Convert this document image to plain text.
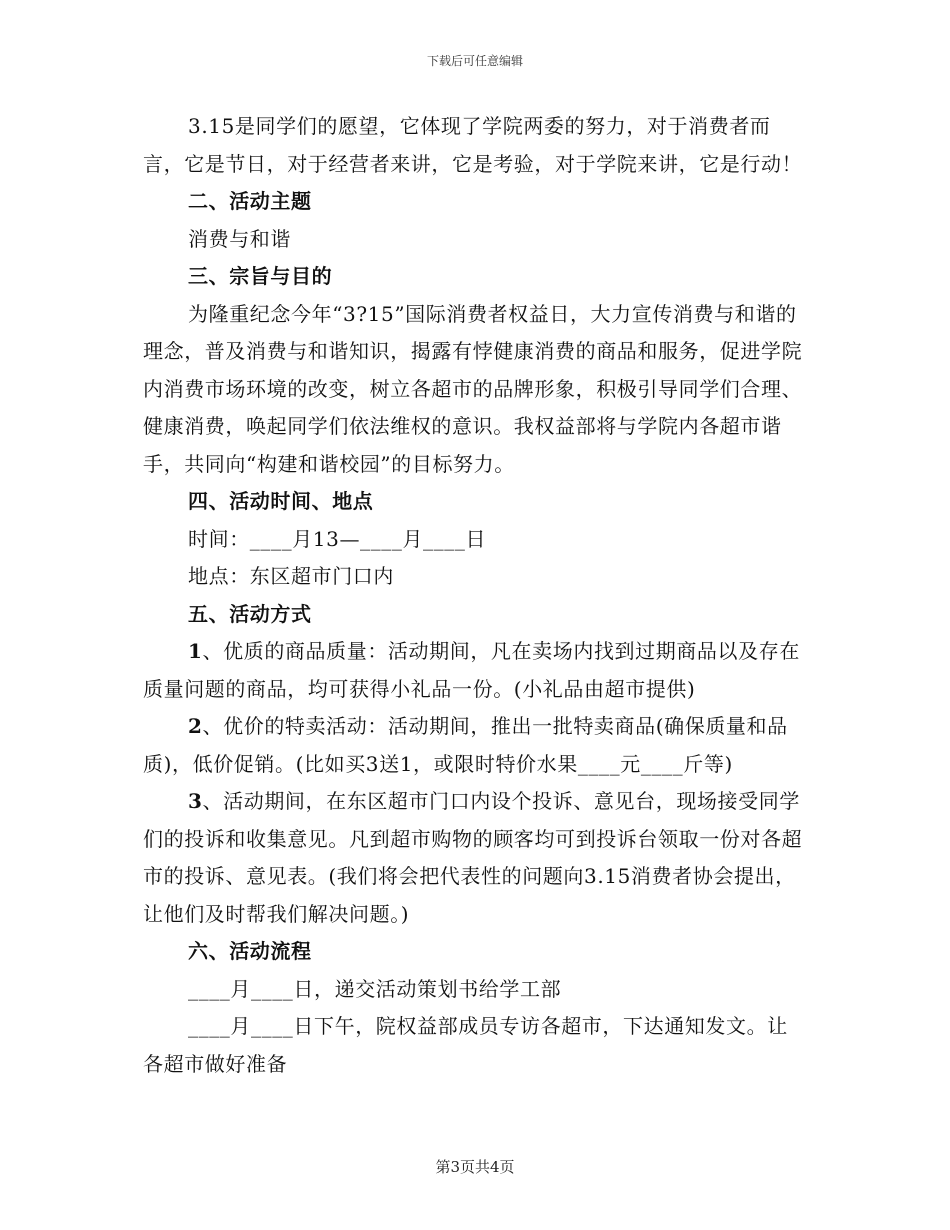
下载后可任意编辑

3.15是同学们的愿望，它体现了学院两委的努力，对于消费者而言，它是节日，对于经营者来讲，它是考验，对于学院来讲，它是行动！

二、活动主题

消费与和谐

三、宗旨与目的

为隆重纪念今年“3?15”国际消费者权益日，大力宣传消费与和谐的理念，普及消费与和谐知识，揭露有悖健康消费的商品和服务，促进学院内消费市场环境的改变，树立各超市的品牌形象，积极引导同学们合理、健康消费，唤起同学们依法维权的意识。我权益部将与学院内各超市谐手，共同向“构建和谐校园”的目标努力。

四、活动时间、地点

时间：____月13—____月____日

地点：东区超市门口内

五、活动方式

1、优质的商品质量：活动期间，凡在卖场内找到过期商品以及存在质量问题的商品，均可获得小礼品一份。(小礼品由超市提供)

2、优价的特卖活动：活动期间，推出一批特卖商品(确保质量和品质)，低价促销。(比如买3送1，或限时特价水果____元____斤等)

3、活动期间，在东区超市门口内设个投诉、意见台，现场接受同学们的投诉和收集意见。凡到超市购物的顾客均可到投诉台领取一份对各超市的投诉、意见表。(我们将会把代表性的问题向3.15消费者协会提出，让他们及时帮我们解决问题。)

六、活动流程

____月____日，递交活动策划书给学工部

____月____日下午，院权益部成员专访各超市，下达通知发文。让各超市做好准备

第3页共4页
